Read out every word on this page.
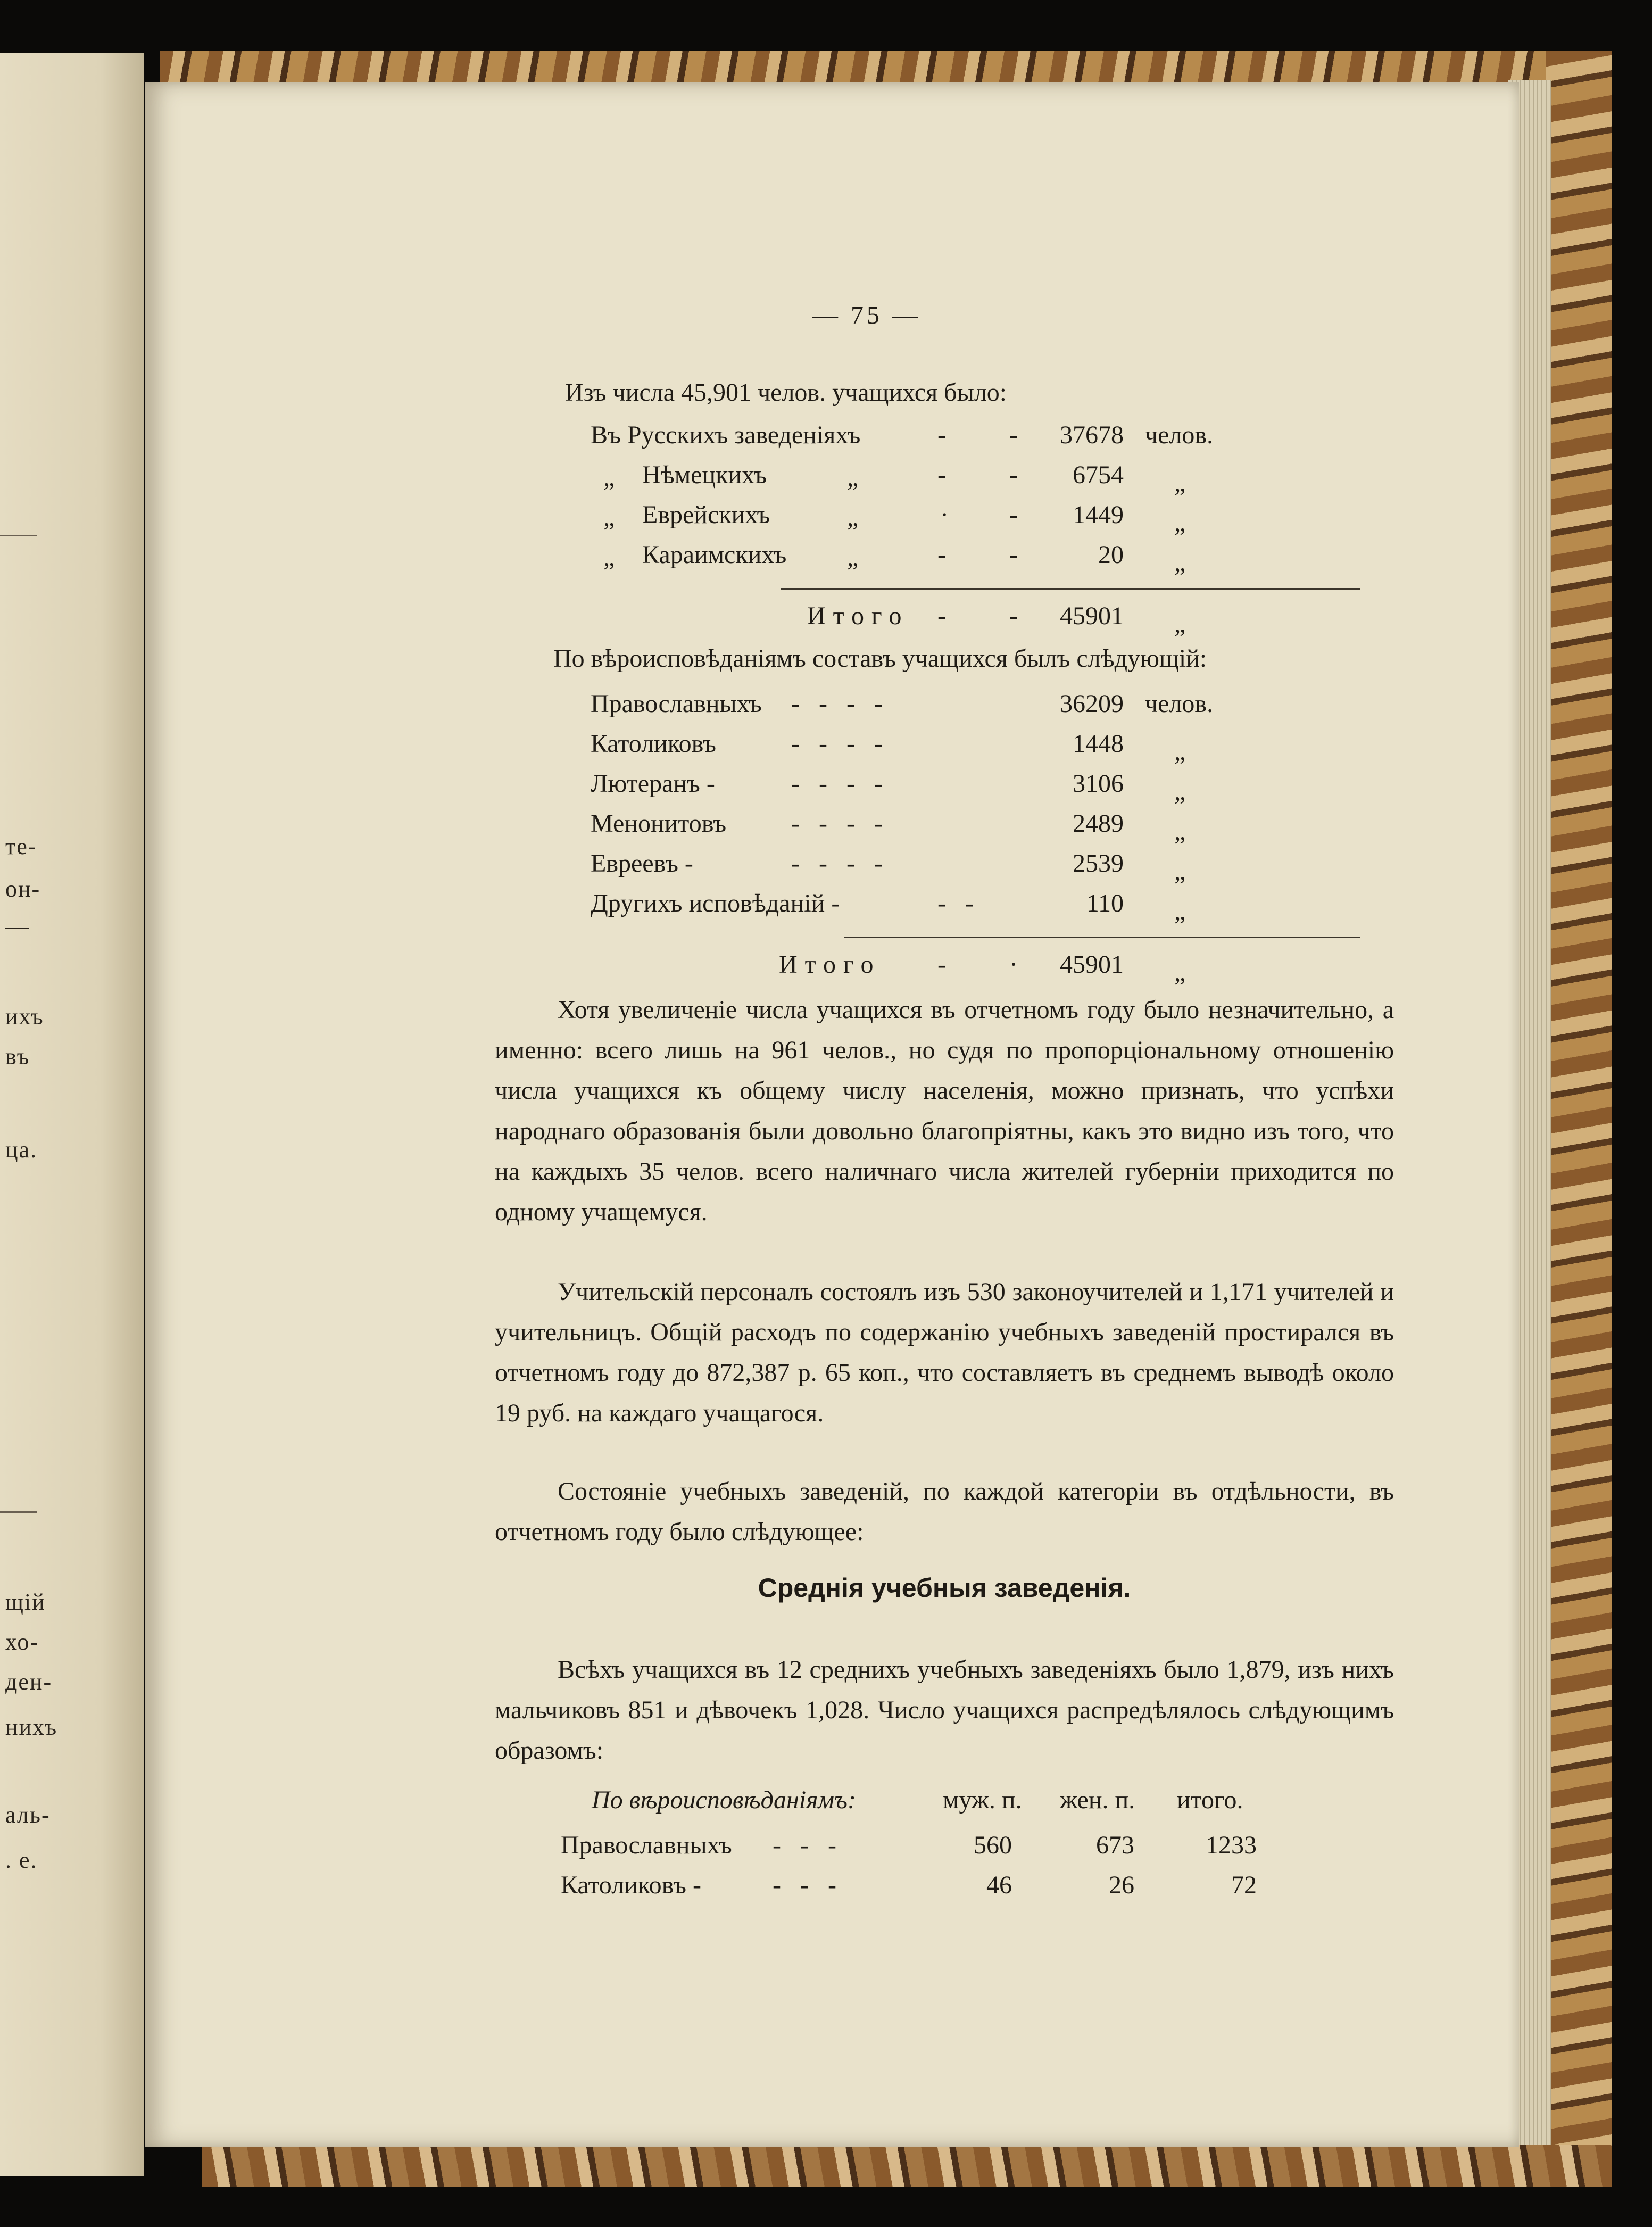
те-
он-
—
ихъ
въ
ца.
щій
хо-
ден-
нихъ
аль-
. е.
— 75 —
Изъ числа 45,901 челов. учащихся было:
Въ Русскихъ заведеніяхъ	- -	37678 челов.
„ Нѣмецкихъ	„	- -	6754 „
„ Еврейскихъ	„	· -	1449 „
„ Караимскихъ „	- -	20 „
Итого - -	45901 „
По вѣроисповѣданіямъ составъ учащихся былъ слѣдующій:
Православныхъ -   -   -   -	36209 челов.
Католиковъ	-   -   -   -	1448 „
Лютеранъ -	-   -   -   -	3106 „
Менонитовъ	-   -   -   -	2489 „
Евреевъ -	-   -   -   -	2539 „
Другихъ исповѣданій -	-   -	110 „
Итого - ·	45901 „

Хотя увеличеніе числа учащихся въ отчетномъ году было незначительно, а именно: всего лишь на 961 челов., но судя по пропорціональному отношенію числа учащихся къ общему числу населенія, можно признать, что успѣхи народнаго образованія были довольно благопріятны, какъ это видно изъ того, что на каждыхъ 35 челов. всего наличнаго числа жителей губерніи приходится по одному учащемуся.

Учительскій персоналъ состоялъ изъ 530 законоучителей и 1,171 учителей и учительницъ. Общій расходъ по содержанію учебныхъ заведеній простирался въ отчетномъ году до 872,387 р. 65 коп., что составляетъ въ среднемъ выводѣ около 19 руб. на каждаго учащагося.

Состояніе учебныхъ заведеній, по каждой категоріи въ отдѣльности, въ отчетномъ году было слѣдующее:

Среднія учебныя заведенія.

Всѣхъ учащихся въ 12 среднихъ учебныхъ заведеніяхъ было 1,879, изъ нихъ мальчиковъ 851 и дѣвочекъ 1,028. Число учащихся распредѣлялось слѣдующимъ образомъ:

По вѣроисповѣданіямъ:	муж. п. жен. п. итого.
Православныхъ -   -   -	560	673	1233
Католиковъ -	-   -   -	46	26	72
